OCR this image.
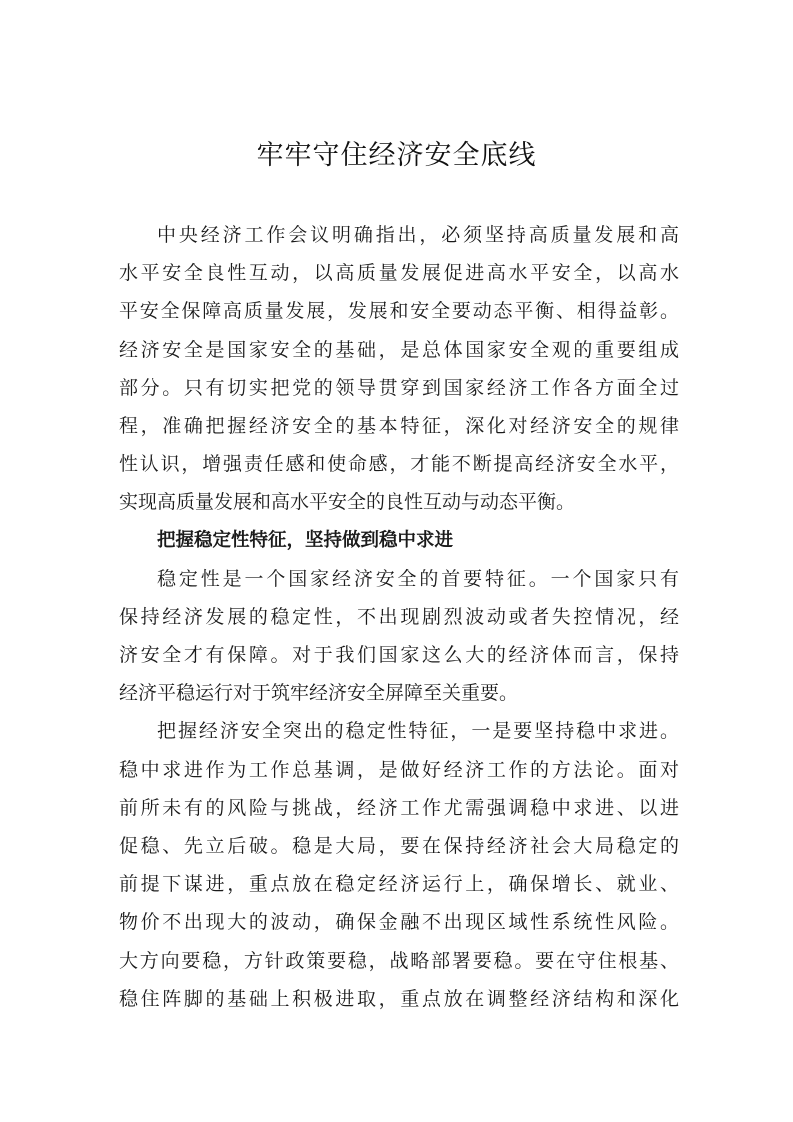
牢牢守住经济安全底线
中央经济工作会议明确指出，必须坚持高质量发展和高
水平安全良性互动，以高质量发展促进高水平安全，以高水
平安全保障高质量发展，发展和安全要动态平衡、相得益彰。
经济安全是国家安全的基础，是总体国家安全观的重要组成
部分。只有切实把党的领导贯穿到国家经济工作各方面全过
程，准确把握经济安全的基本特征，深化对经济安全的规律
性认识，增强责任感和使命感，才能不断提高经济安全水平，
实现高质量发展和高水平安全的良性互动与动态平衡。
把握稳定性特征，坚持做到稳中求进
稳定性是一个国家经济安全的首要特征。一个国家只有
保持经济发展的稳定性，不出现剧烈波动或者失控情况，经
济安全才有保障。对于我们国家这么大的经济体而言，保持
经济平稳运行对于筑牢经济安全屏障至关重要。
把握经济安全突出的稳定性特征，一是要坚持稳中求进。
稳中求进作为工作总基调，是做好经济工作的方法论。面对
前所未有的风险与挑战，经济工作尤需强调稳中求进、以进
促稳、先立后破。稳是大局，要在保持经济社会大局稳定的
前提下谋进，重点放在稳定经济运行上，确保增长、就业、
物价不出现大的波动，确保金融不出现区域性系统性风险。
大方向要稳，方针政策要稳，战略部署要稳。要在守住根基、
稳住阵脚的基础上积极进取，重点放在调整经济结构和深化
